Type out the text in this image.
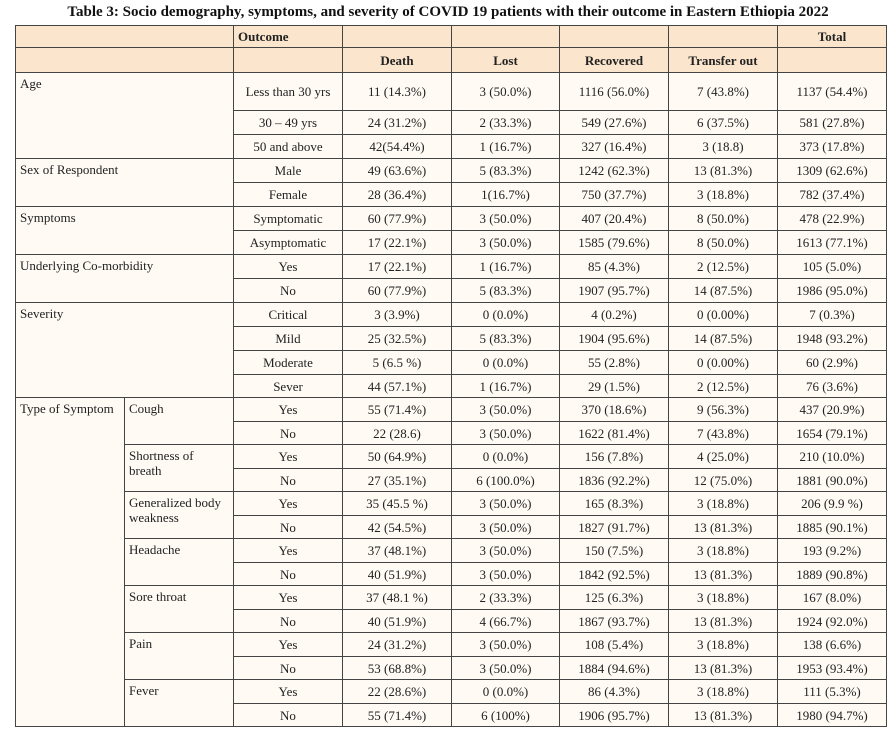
Table 3: Socio demography, symptoms, and severity of COVID 19 patients with their outcome in Eastern Ethiopia 2022
		Outcome					Total
			Death	Lost	Recovered	Transfer out	
Age		Less than 30 yrs	11 (14.3%)	3 (50.0%)	1116 (56.0%)	7 (43.8%)	1137 (54.4%)
		30 – 49 yrs	24 (31.2%)	2 (33.3%)	549 (27.6%)	6 (37.5%)	581 (27.8%)
		50 and above	42(54.4%)	1 (16.7%)	327 (16.4%)	3 (18.8)	373 (17.8%)
Sex of Respondent		Male	49 (63.6%)	5 (83.3%)	1242 (62.3%)	13 (81.3%)	1309 (62.6%)
		Female	28 (36.4%)	1(16.7%)	750 (37.7%)	3 (18.8%)	782 (37.4%)
Symptoms		Symptomatic	60 (77.9%)	3 (50.0%)	407 (20.4%)	8 (50.0%)	478 (22.9%)
		Asymptomatic	17 (22.1%)	3 (50.0%)	1585 (79.6%)	8 (50.0%)	1613 (77.1%)
Underlying Co-morbidity		Yes	17 (22.1%)	1 (16.7%)	85 (4.3%)	2 (12.5%)	105 (5.0%)
		No	60 (77.9%)	5 (83.3%)	1907 (95.7%)	14 (87.5%)	1986 (95.0%)
Severity		Critical	3 (3.9%)	0 (0.0%)	4 (0.2%)	0 (0.00%)	7 (0.3%)
		Mild	25 (32.5%)	5 (83.3%)	1904 (95.6%)	14 (87.5%)	1948 (93.2%)
		Moderate	5 (6.5 %)	0 (0.0%)	55 (2.8%)	0 (0.00%)	60 (2.9%)
		Sever	44 (57.1%)	1 (16.7%)	29 (1.5%)	2 (12.5%)	76 (3.6%)
Type of Symptom	Cough	Yes	55 (71.4%)	3 (50.0%)	370 (18.6%)	9 (56.3%)	437 (20.9%)
		No	22 (28.6)	3 (50.0%)	1622 (81.4%)	7 (43.8%)	1654 (79.1%)
	Shortness of breath	Yes	50 (64.9%)	0 (0.0%)	156 (7.8%)	4 (25.0%)	210 (10.0%)
		No	27 (35.1%)	6 (100.0%)	1836 (92.2%)	12 (75.0%)	1881 (90.0%)
	Generalized body weakness	Yes	35 (45.5 %)	3 (50.0%)	165 (8.3%)	3 (18.8%)	206 (9.9 %)
		No	42 (54.5%)	3 (50.0%)	1827 (91.7%)	13 (81.3%)	1885 (90.1%)
	Headache	Yes	37 (48.1%)	3 (50.0%)	150 (7.5%)	3 (18.8%)	193 (9.2%)
		No	40 (51.9%)	3 (50.0%)	1842 (92.5%)	13 (81.3%)	1889 (90.8%)
	Sore throat	Yes	37 (48.1 %)	2 (33.3%)	125 (6.3%)	3 (18.8%)	167 (8.0%)
		No	40 (51.9%)	4 (66.7%)	1867 (93.7%)	13 (81.3%)	1924 (92.0%)
	Pain	Yes	24 (31.2%)	3 (50.0%)	108 (5.4%)	3 (18.8%)	138 (6.6%)
		No	53 (68.8%)	3 (50.0%)	1884 (94.6%)	13 (81.3%)	1953 (93.4%)
	Fever	Yes	22 (28.6%)	0 (0.0%)	86 (4.3%)	3 (18.8%)	111 (5.3%)
		No	55 (71.4%)	6 (100%)	1906 (95.7%)	13 (81.3%)	1980 (94.7%)
